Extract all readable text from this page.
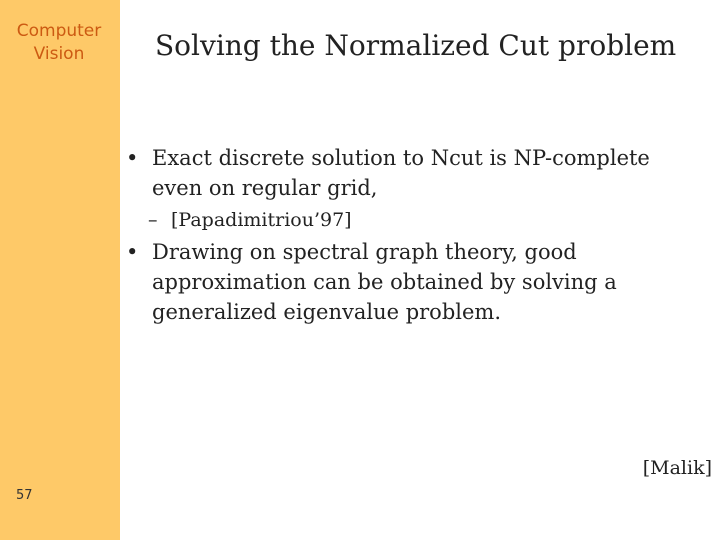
Computer
Vision
57
Solving the Normalized Cut problem
• Exact discrete solution to Ncut is NP-complete
even on regular grid,
– [Papadimitriou’97]
• Drawing on spectral graph theory, good
approximation can be obtained by solving a
generalized eigenvalue problem.
[Malik]
